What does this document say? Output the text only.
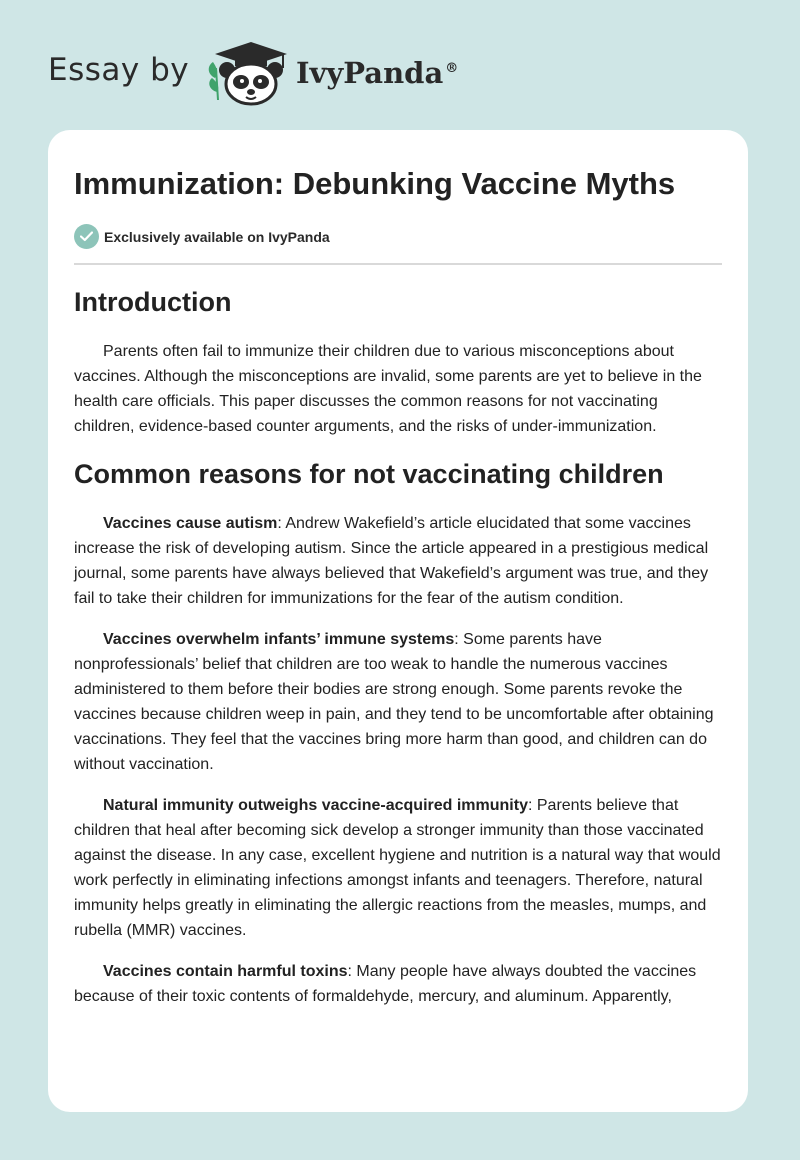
Essay by	IvyPanda ®
Immunization: Debunking Vaccine Myths
Exclusively available on IvyPanda
Introduction

Parents often fail to immunize their children due to various misconceptions about vaccines. Although the misconceptions are invalid, some parents are yet to believe in the health care officials. This paper discusses the common reasons for not vaccinating children, evidence-based counter arguments, and the risks of under-immunization.

Common reasons for not vaccinating children

Vaccines cause autism: Andrew Wakefield’s article elucidated that some vaccines increase the risk of developing autism. Since the article appeared in a prestigious medical journal, some parents have always believed that Wakefield’s argument was true, and they fail to take their children for immunizations for the fear of the autism condition.

Vaccines overwhelm infants’ immune systems: Some parents have nonprofessionals’ belief that children are too weak to handle the numerous vaccines administered to them before their bodies are strong enough. Some parents revoke the vaccines because children weep in pain, and they tend to be uncomfortable after obtaining vaccinations. They feel that the vaccines bring more harm than good, and children can do without vaccination.

Natural immunity outweighs vaccine-acquired immunity: Parents believe that children that heal after becoming sick develop a stronger immunity than those vaccinated against the disease. In any case, excellent hygiene and nutrition is a natural way that would work perfectly in eliminating infections amongst infants and teenagers. Therefore, natural immunity helps greatly in eliminating the allergic reactions from the measles, mumps, and rubella (MMR) vaccines.

Vaccines contain harmful toxins: Many people have always doubted the vaccines because of their toxic contents of formaldehyde, mercury, and aluminum. Apparently,
